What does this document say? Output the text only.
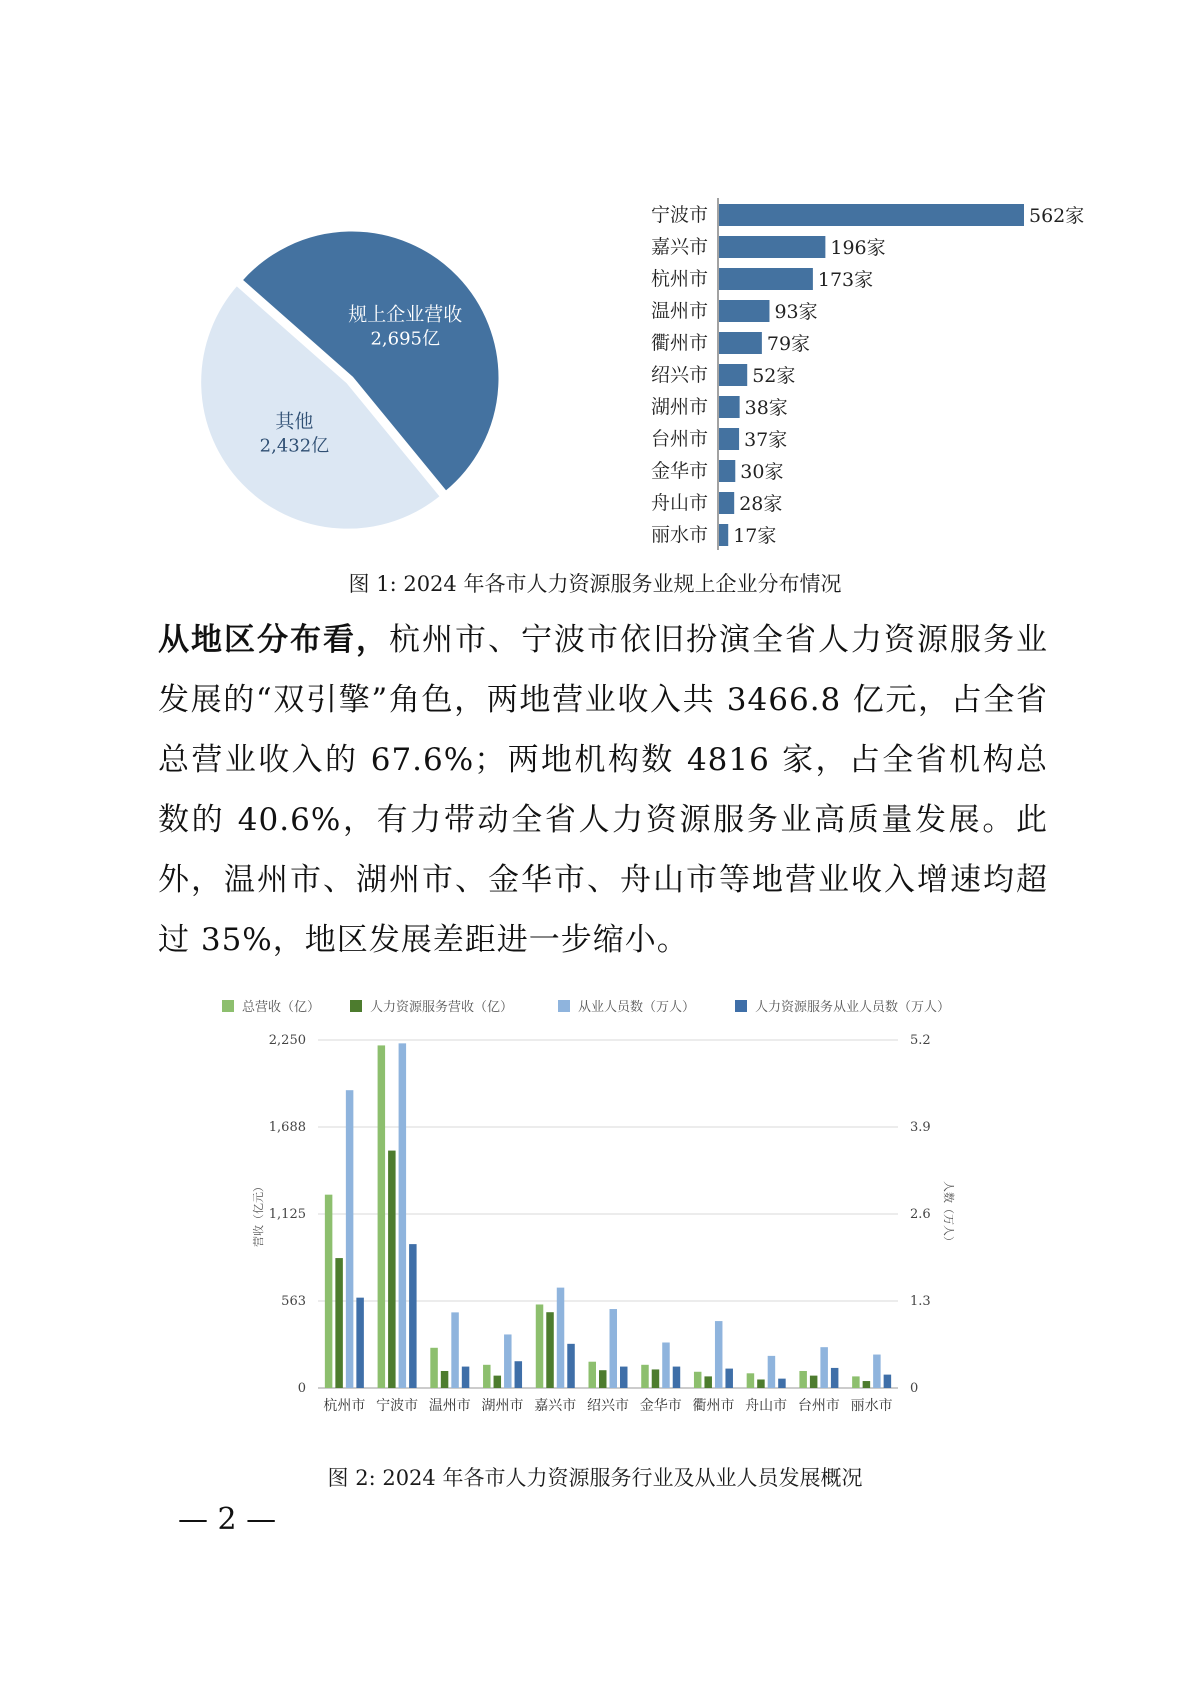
规上企业营收
2,695亿
其他
2,432亿
宁波市	562家
嘉兴市	196家
杭州市	173家
温州市	93家
衢州市	79家
绍兴市 52家
湖州市 38家
台州市 37家
金华市 30家
舟山市 28家
丽水市 17家
图 1: 2024 年各市人力资源服务业规上企业分布情况
从地区分布看，杭州市、宁波市依旧扮演全省人力资源服务业发展的“双引擎”角色，两地营业收入共 3466.8 亿元，占全省总营业收入的 67.6%；两地机构数 4816 家，占全省机构总数的 40.6%，有力带动全省人力资源服务业高质量发展。此外，温州市、湖州市、金华市、舟山市等地营业收入增速均超过 35%，地区发展差距进一步缩小。
总营收（亿）	人力资源服务营收（亿）	从业人员数（万人）	人力资源服务从业人员数（万人）
0	0
563	1.3
1,125	2.6
1,688	3.9
2,250	5.2
营收（亿元）	人数（万人）
杭州市 宁波市 温州市 湖州市 嘉兴市 绍兴市 金华市 衢州市 舟山市 台州市 丽水市
图 2: 2024 年各市人力资源服务行业及从业人员发展概况
— 2 —
